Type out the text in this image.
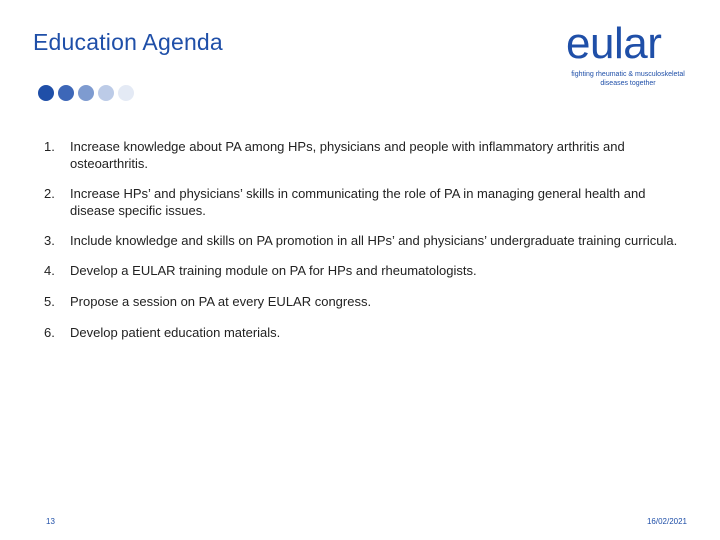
Education Agenda	eular
fighting rheumatic & musculoskeletal
diseases together
1.	Increase knowledge about PA among HPs, physicians and people with inflammatory arthritis and osteoarthritis.
2.	Increase HPs’ and physicians’ skills in communicating the role of PA in managing general health and disease specific issues.
3.	Include knowledge and skills on PA promotion in all HPs’ and physicians’ undergraduate training curricula.
4.	Develop a EULAR training module on PA for HPs and rheumatologists.
5.	Propose a session on PA at every EULAR congress.
6.	Develop patient education materials.
13	16/02/2021
